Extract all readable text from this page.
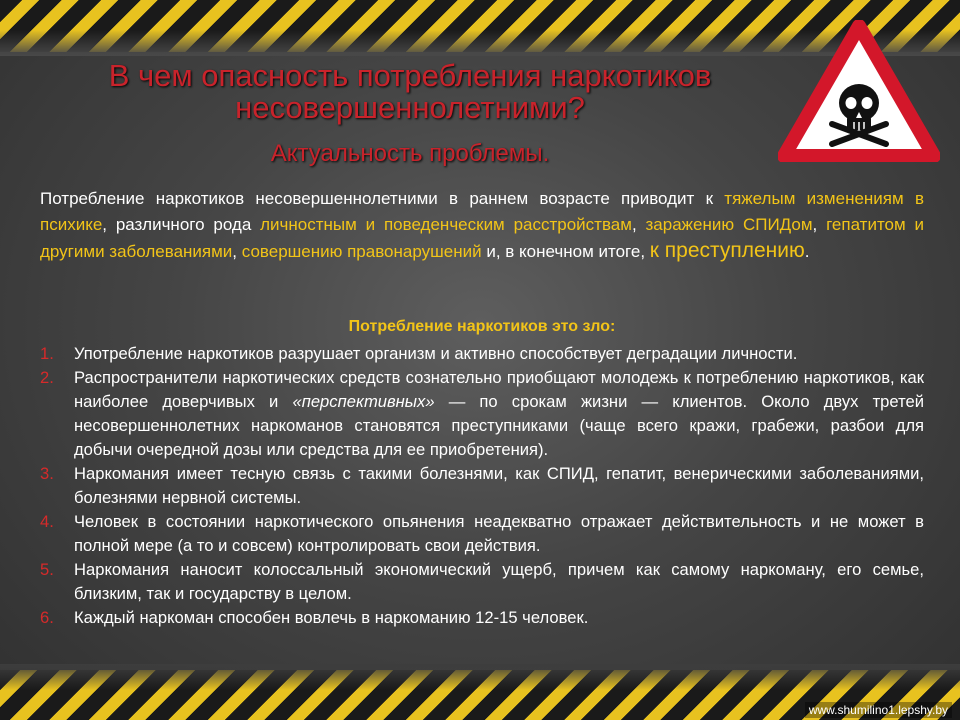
В чем опасность потребления наркотиков
несовершеннолетними?
Актуальность проблемы.
Потребление наркотиков несовершеннолетними в раннем возрасте приводит к тяжелым изменениям в психике, различного рода личностным и поведенческим расстройствам, заражению СПИДом, гепатитом и другими заболеваниями, совершению правонарушений и, в конечном итоге, к преступлению.
Потребление наркотиков это зло:
1. Употребление наркотиков разрушает организм и активно способствует деградации личности.
2. Распространители наркотических средств сознательно приобщают молодежь к потреблению наркотиков, как наиболее доверчивых и «перспективных» — по срокам жизни — клиентов. Около двух третей несовершеннолетних наркоманов становятся преступниками (чаще всего кражи, грабежи, разбои для добычи очередной дозы или средства для ее приобретения).
3. Наркомания имеет тесную связь с такими болезнями, как СПИД, гепатит, венерическими заболеваниями, болезнями нервной системы.
4. Человек в состоянии наркотического опьянения неадекватно отражает действительность и не может в полной мере (а то и совсем) контролировать свои действия.
5. Наркомания наносит колоссальный экономический ущерб, причем как самому наркоману, его семье, близким, так и государству в целом.
6. Каждый наркоман способен вовлечь в наркоманию 12-15 человек.
www.shumilino1.lepshy.by
